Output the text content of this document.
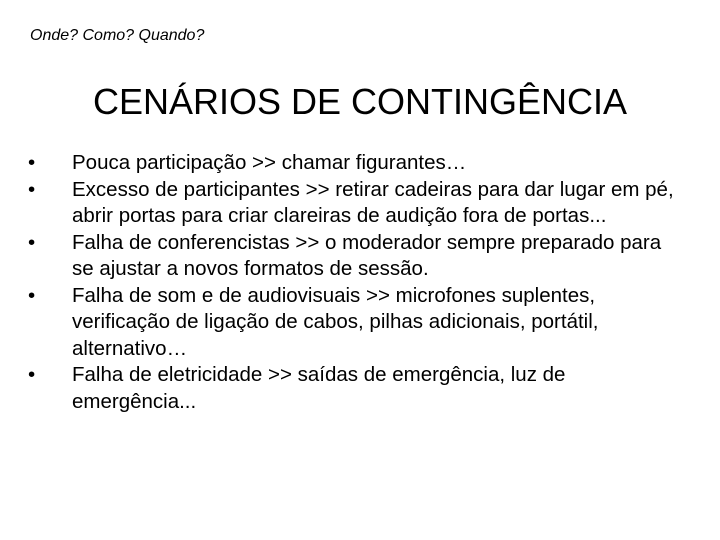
Onde? Como? Quando?
CENÁRIOS DE CONTINGÊNCIA
•	Pouca participação >> chamar figurantes…
•	Excesso de participantes >> retirar cadeiras para dar lugar em pé, abrir portas para criar clareiras de audição fora de portas...
•	Falha de conferencistas >> o moderador sempre preparado para se ajustar a novos formatos de sessão.
•	Falha de som e de audiovisuais >> microfones suplentes, verificação de ligação de cabos, pilhas adicionais, portátil, alternativo…
•	Falha de eletricidade >> saídas de emergência, luz de emergência...
